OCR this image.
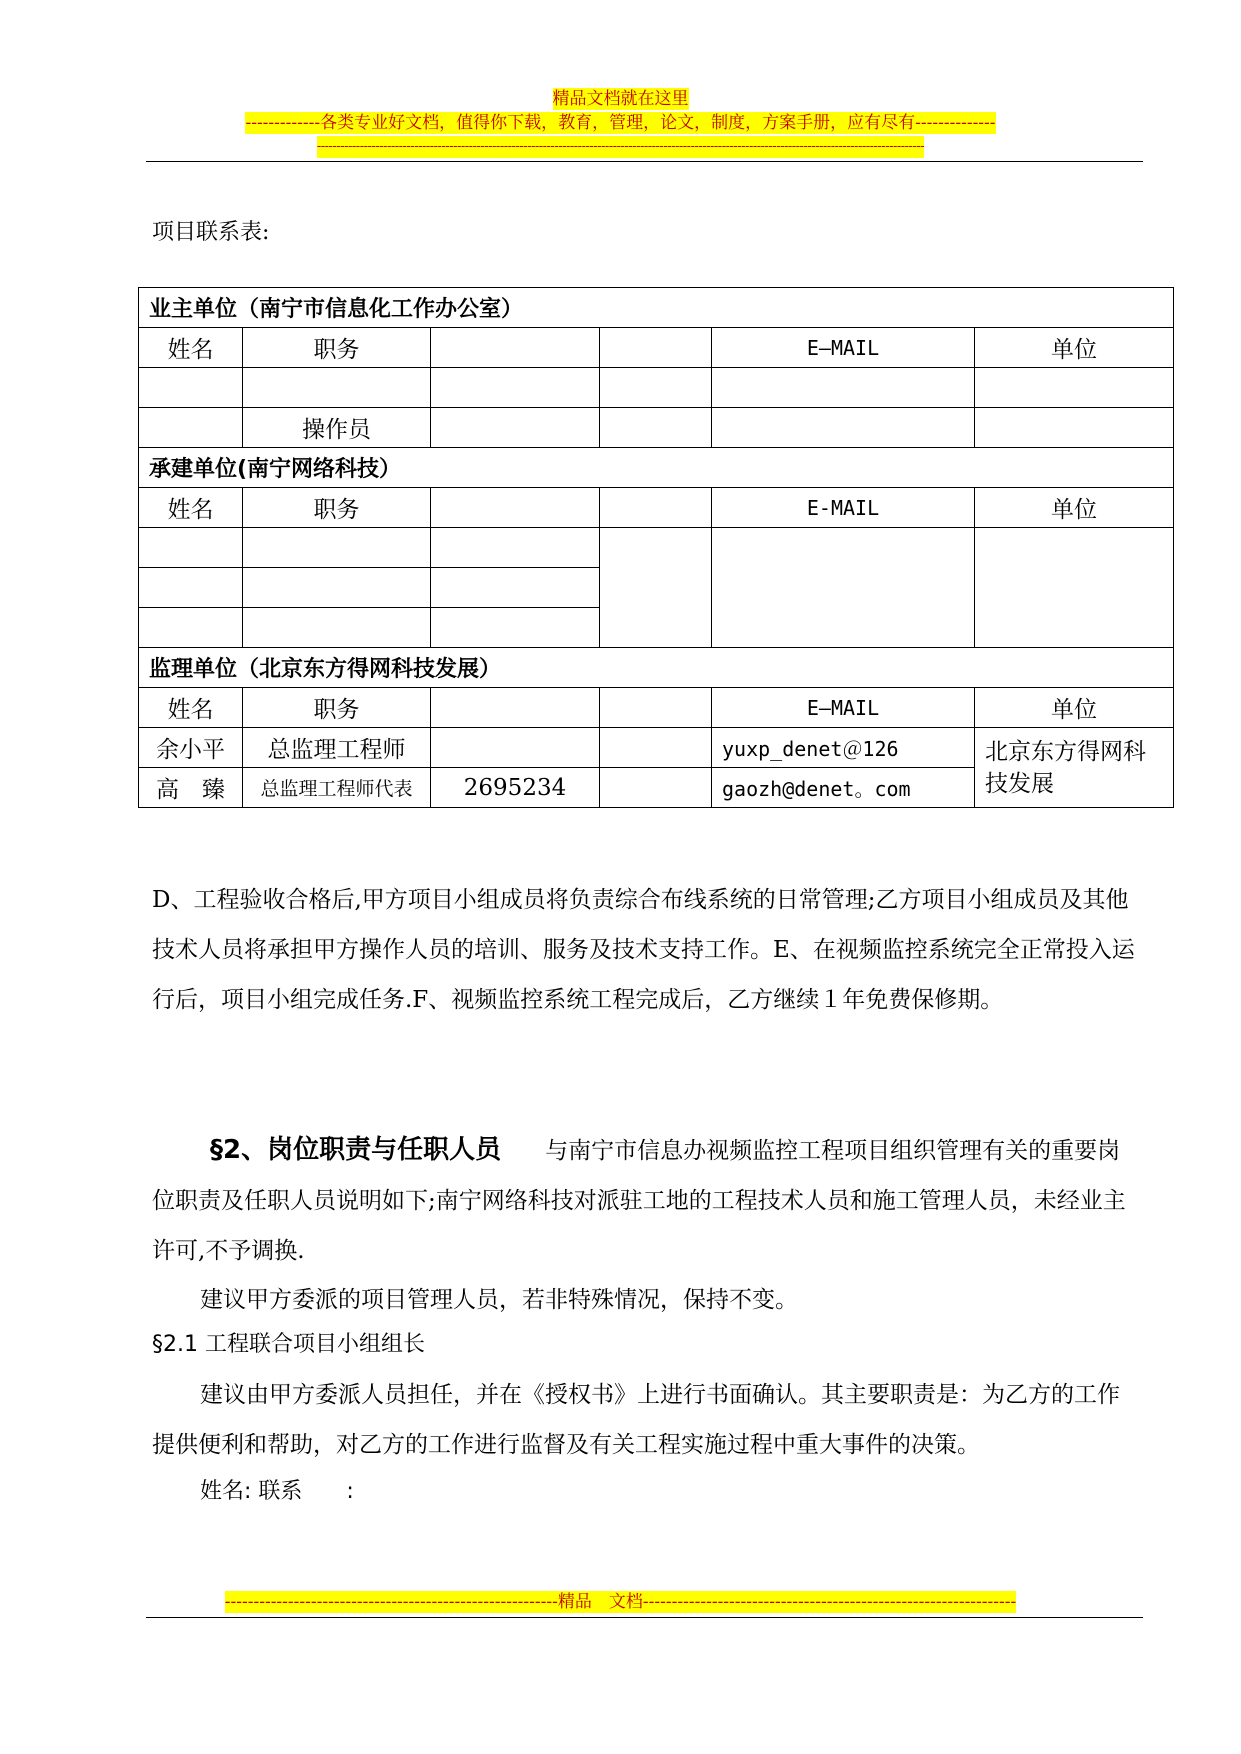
精品文档就在这里
-------------各类专业好文档，值得你下载，教育，管理，论文，制度，方案手册，应有尽有--------------
------------------------------------------------------------------------------------------------------------------------------------------------------------
项目联系表:
业主单位（南宁市信息化工作办公室）					
姓名	职务			E—MAIL	单位

	操作员				
承建单位(南宁网络科技）					
姓名	职务			E-MAIL	单位

监理单位（北京东方得网科技发展）					
姓名	职务			E—MAIL	单位
余小平	总监理工程师			yuxp_denet＠126	北京东方得网科技发展
高　臻	总监理工程师代表	2695234		gaozh@denet。com	
D、工程验收合格后,甲方项目小组成员将负责综合布线系统的日常管理;乙方项目小组成员及其他技术人员将承担甲方操作人员的培训、服务及技术支持工作。E、在视频监控系统完全正常投入运行后，项目小组完成任务.F、视频监控系统工程完成后，乙方继续１年免费保修期。
§2、岗位职责与任职人员 与南宁市信息办视频监控工程项目组织管理有关的重要岗位职责及任职人员说明如下;南宁网络科技对派驻工地的工程技术人员和施工管理人员，未经业主许可,不予调换.
建议甲方委派的项目管理人员，若非特殊情况，保持不变。
§2.1 工程联合项目小组组长
建议由甲方委派人员担任，并在《授权书》上进行书面确认。其主要职责是：为乙方的工作提供便利和帮助，对乙方的工作进行监督及有关工程实施过程中重大事件的决策。
姓名: 联系　　:
----------------------------------------------------------精品　文档-----------------------------------------------------------------
